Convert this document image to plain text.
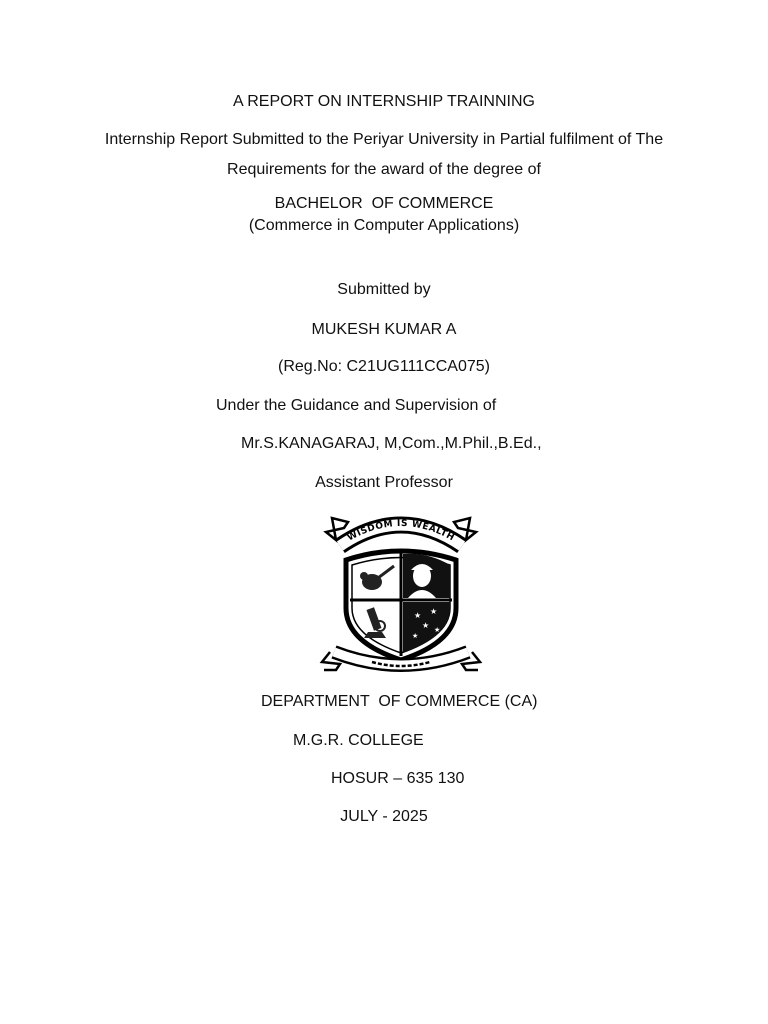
A REPORT ON INTERNSHIP TRAINNING
Internship Report Submitted to the Periyar University in Partial fulfilment of The
Requirements for the award of the degree of
BACHELOR  OF COMMERCE
(Commerce in Computer Applications)
Submitted by
MUKESH KUMAR A
(Reg.No: C21UG111CCA075)
Under the Guidance and Supervision of
Mr.S.KANAGARAJ, M,Com.,M.Phil.,B.Ed.,
Assistant Professor
WISDOM IS WEALTH
★ ★
★
★
★
DEPARTMENT  OF COMMERCE (CA)
M.G.R. COLLEGE
HOSUR – 635 130
JULY - 2025
